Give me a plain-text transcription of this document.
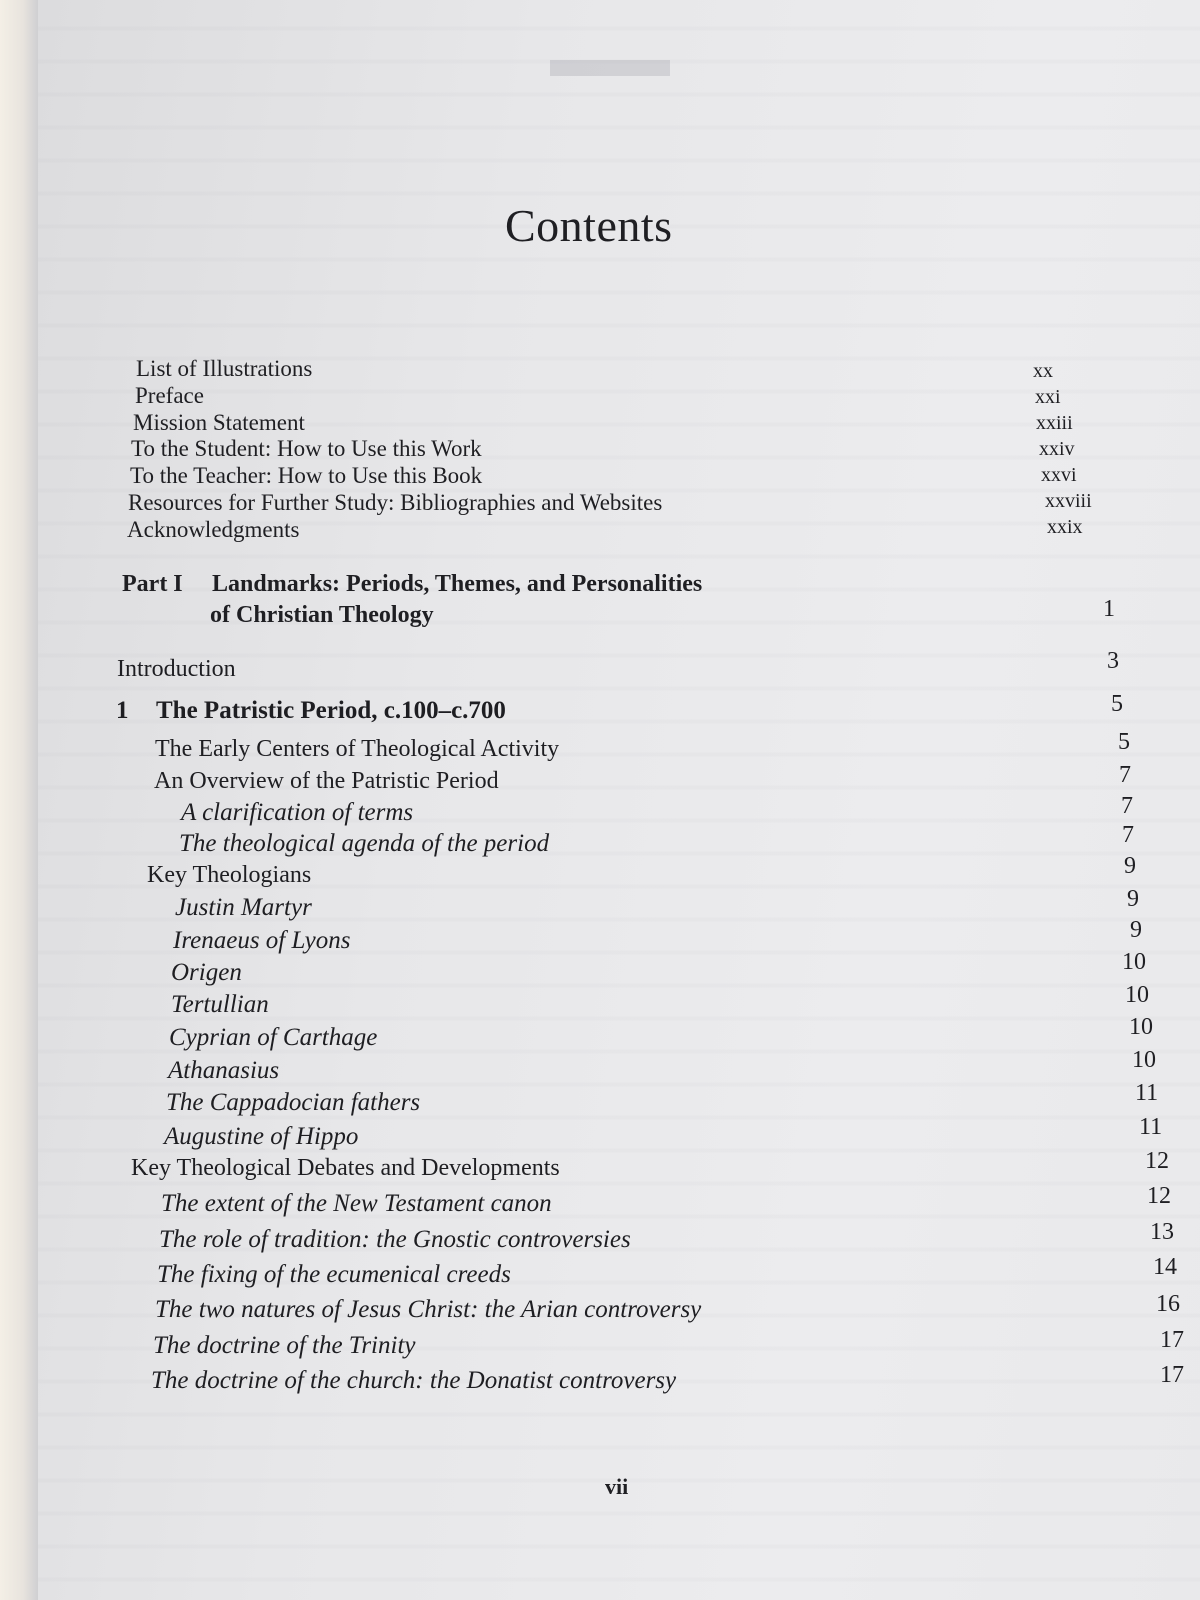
Contents
List of Illustrations	xx
Preface	xxi
Mission Statement	xxiii
To the Student: How to Use this Work	xxiv
To the Teacher: How to Use this Book	xxvi
Resources for Further Study: Bibliographies and Websites	xxviii
Acknowledgments	xxix
Part I Landmarks: Periods, Themes, and Personalities
of Christian Theology	1
Introduction	3
1 The Patristic Period, c.100–c.700	5
The Early Centers of Theological Activity	5
An Overview of the Patristic Period	7
A clarification of terms	7
The theological agenda of the period	7
Key Theologians	9
Justin Martyr	9
Irenaeus of Lyons	9
Origen	10
Tertullian	10
Cyprian of Carthage	10
Athanasius	10
The Cappadocian fathers	11
Augustine of Hippo	11
Key Theological Debates and Developments	12
The extent of the New Testament canon	12
The role of tradition: the Gnostic controversies	13
The fixing of the ecumenical creeds	14
The two natures of Jesus Christ: the Arian controversy	16
The doctrine of the Trinity	17
The doctrine of the church: the Donatist controversy	17
vii
